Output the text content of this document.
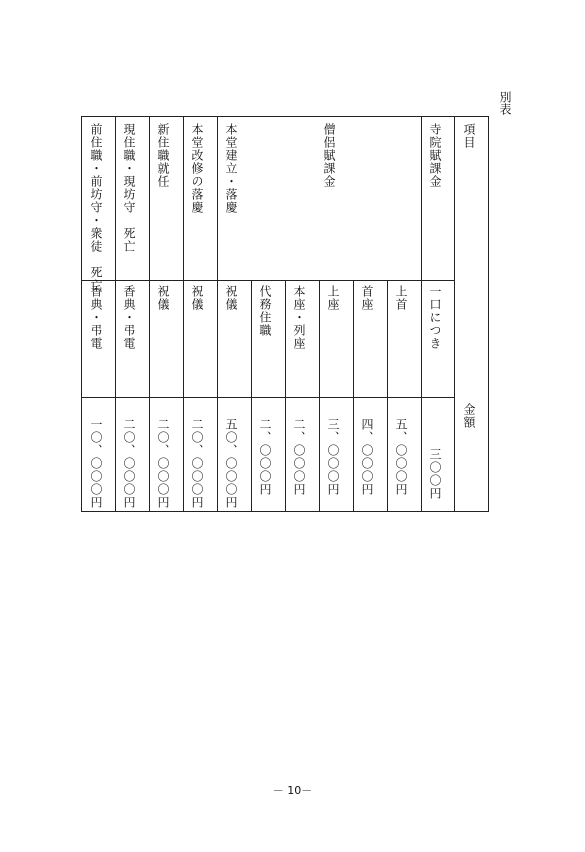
別表
項目
金額
寺院賦課金
一口につき
三〇〇円
僧侶賦課金
上首
五、〇〇〇円
首座
四、〇〇〇円
上座
三、〇〇〇円
本座・列座
二、〇〇〇円
代務住職
二、〇〇〇円
本堂建立・落慶
祝儀
五〇、〇〇〇円
本堂改修の落慶
祝儀
二〇、〇〇〇円
新住職就任
祝儀
二〇、〇〇〇円
現住職・現坊守　死亡
香典・弔電
二〇、〇〇〇円
前住職・前坊守・衆徒　死亡
香典・弔電
一〇、〇〇〇円
－ 10－
